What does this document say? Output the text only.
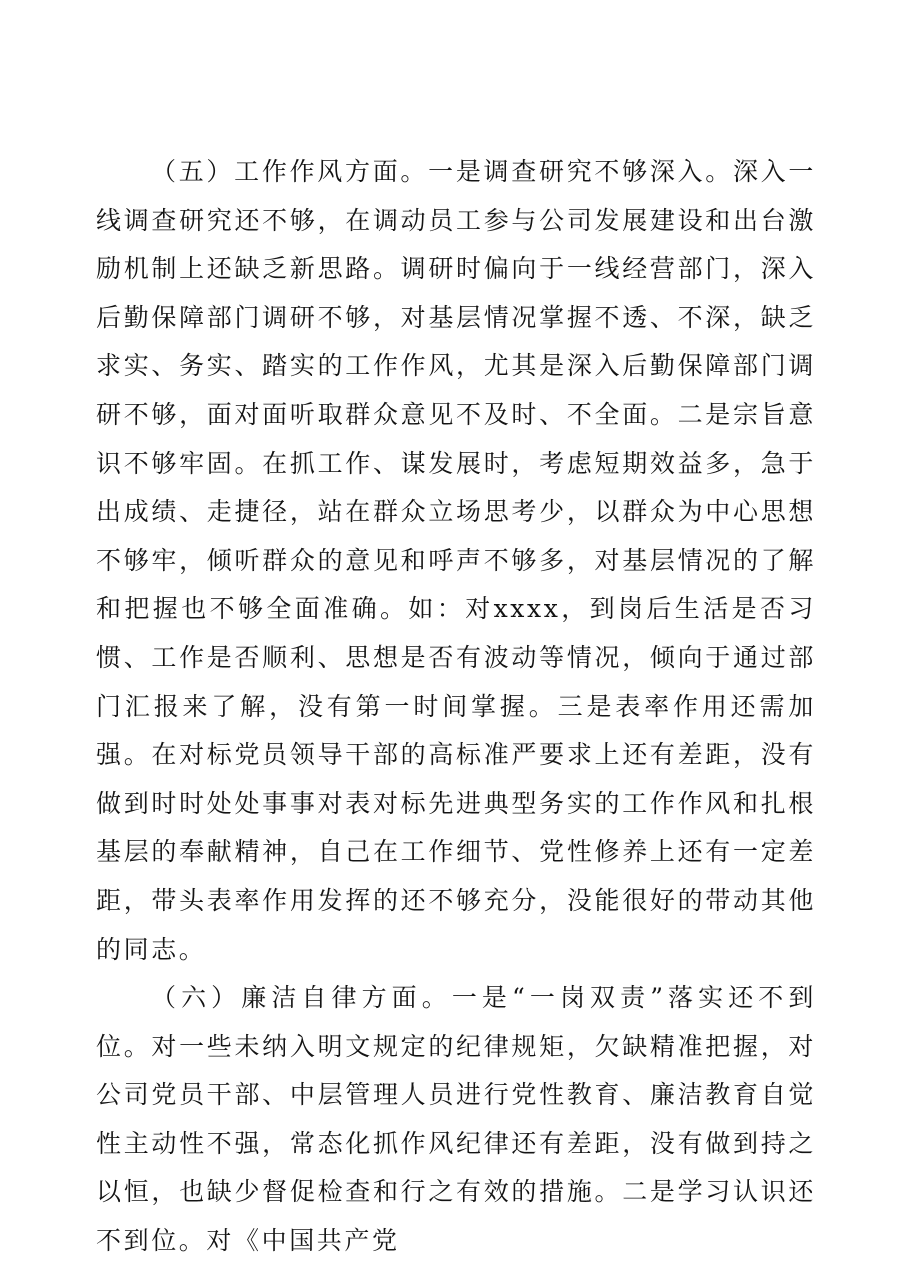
（五）工作作风方面。一是调查研究不够深入。深入一线调查研究还不够，在调动员工参与公司发展建设和出台激励机制上还缺乏新思路。调研时偏向于一线经营部门，深入后勤保障部门调研不够，对基层情况掌握不透、不深，缺乏求实、务实、踏实的工作作风，尤其是深入后勤保障部门调研不够，面对面听取群众意见不及时、不全面。二是宗旨意识不够牢固。在抓工作、谋发展时，考虑短期效益多，急于出成绩、走捷径，站在群众立场思考少，以群众为中心思想不够牢，倾听群众的意见和呼声不够多，对基层情况的了解和把握也不够全面准确。如：对xxxx，到岗后生活是否习惯、工作是否顺利、思想是否有波动等情况，倾向于通过部门汇报来了解，没有第一时间掌握。三是表率作用还需加强。在对标党员领导干部的高标准严要求上还有差距，没有做到时时处处事事对表对标先进典型务实的工作作风和扎根基层的奉献精神，自己在工作细节、党性修养上还有一定差距，带头表率作用发挥的还不够充分，没能很好的带动其他的同志。

（六）廉洁自律方面。一是“一岗双责”落实还不到位。对一些未纳入明文规定的纪律规矩，欠缺精准把握，对公司党员干部、中层管理人员进行党性教育、廉洁教育自觉性主动性不强，常态化抓作风纪律还有差距，没有做到持之以恒，也缺少督促检查和行之有效的措施。二是学习认识还不到位。对《中国共产党
